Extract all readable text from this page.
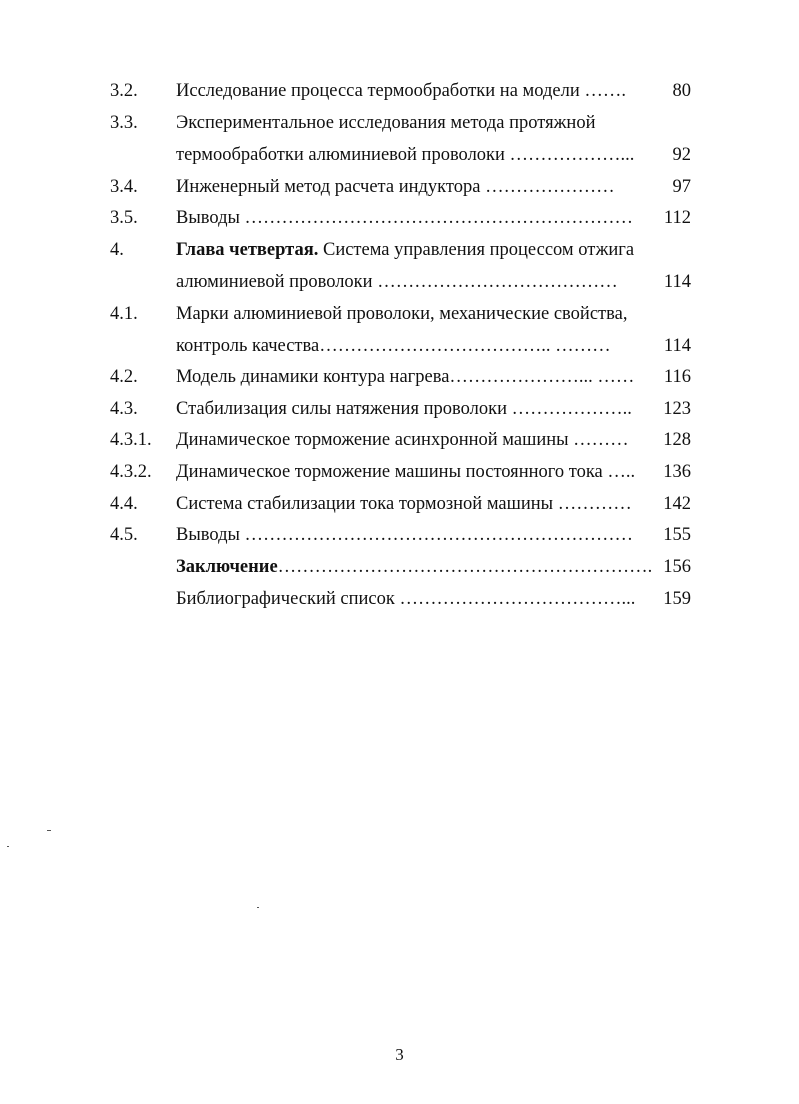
3.2. Исследование процесса термообработки на модели …….	80
3.3. Экспериментальное исследования метода протяжной
термообработки алюминиевой проволоки ………………... 92
3.4. Инженерный метод расчета индуктора …………………	97
3.5. Выводы ……………………………………………………… 112
4.	Глава четвертая. Система управления процессом отжига
алюминиевой проволоки ………………………………… 114
4.1. Марки алюминиевой проволоки, механические свойства,
контроль качества……………………………….. ………	114
4.2. Модель динамики контура нагрева…………………... …… 116
4.3. Стабилизация силы натяжения проволоки ……………….. 123
4.3.1. Динамическое торможение асинхронной машины ……… 128
4.3.2. Динамическое торможение машины постоянного тока ….. 136
4.4. Система стабилизации тока тормозной машины ………… 142
4.5. Выводы ……………………………………………………… 155
Заключение……………………………………………………. 156
Библиографический список ………………………………... 159
3
